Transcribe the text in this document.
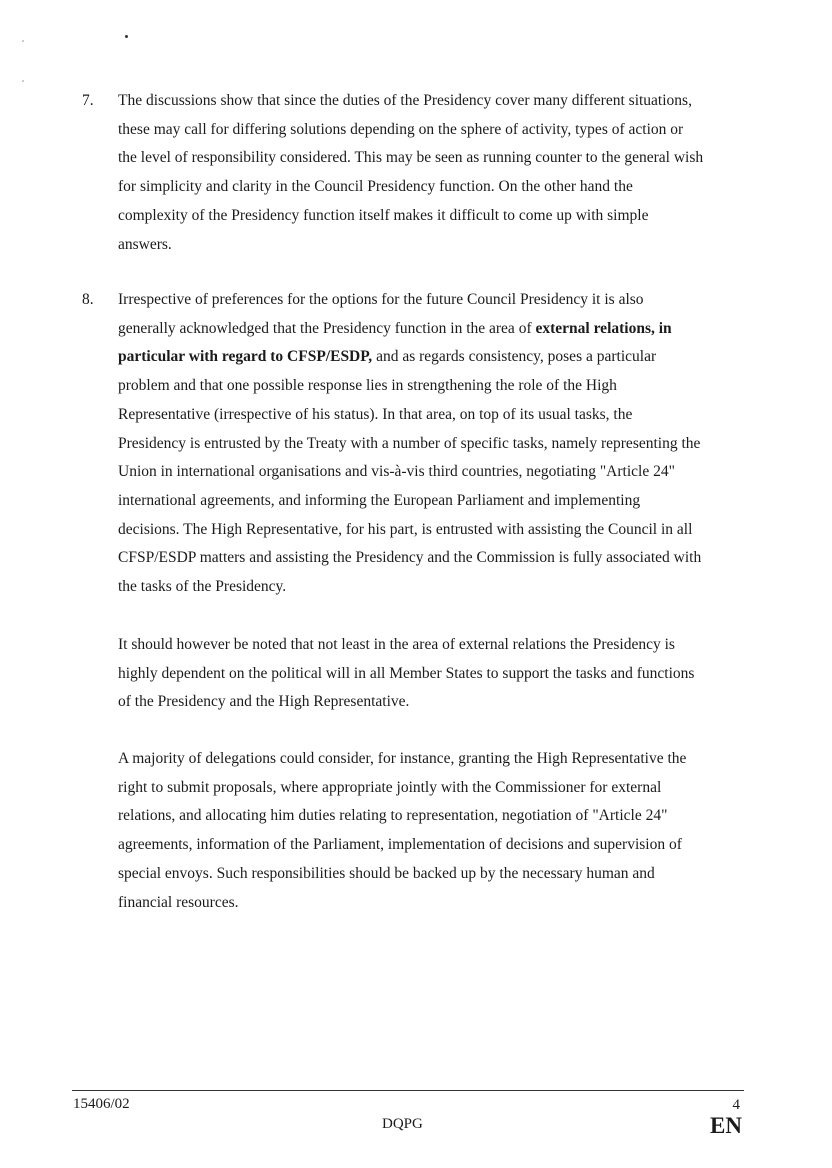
7. The discussions show that since the duties of the Presidency cover many different situations,
these may call for differing solutions depending on the sphere of activity, types of action or
the level of responsibility considered. This may be seen as running counter to the general wish
for simplicity and clarity in the Council Presidency function. On the other hand the
complexity of the Presidency function itself makes it difficult to come up with simple
answers.
8. Irrespective of preferences for the options for the future Council Presidency it is also
generally acknowledged that the Presidency function in the area of external relations, in
particular with regard to CFSP/ESDP, and as regards consistency, poses a particular
problem and that one possible response lies in strengthening the role of the High
Representative (irrespective of his status). In that area, on top of its usual tasks, the
Presidency is entrusted by the Treaty with a number of specific tasks, namely representing the
Union in international organisations and vis-à-vis third countries, negotiating "Article 24"
international agreements, and informing the European Parliament and implementing
decisions. The High Representative, for his part, is entrusted with assisting the Council in all
CFSP/ESDP matters and assisting the Presidency and the Commission is fully associated with
the tasks of the Presidency.
It should however be noted that not least in the area of external relations the Presidency is
highly dependent on the political will in all Member States to support the tasks and functions
of the Presidency and the High Representative.
A majority of delegations could consider, for instance, granting the High Representative the
right to submit proposals, where appropriate jointly with the Commissioner for external
relations, and allocating him duties relating to representation, negotiation of "Article 24"
agreements, information of the Parliament, implementation of decisions and supervision of
special envoys. Such responsibilities should be backed up by the necessary human and
financial resources.
15406/02
DQPG
4
EN
